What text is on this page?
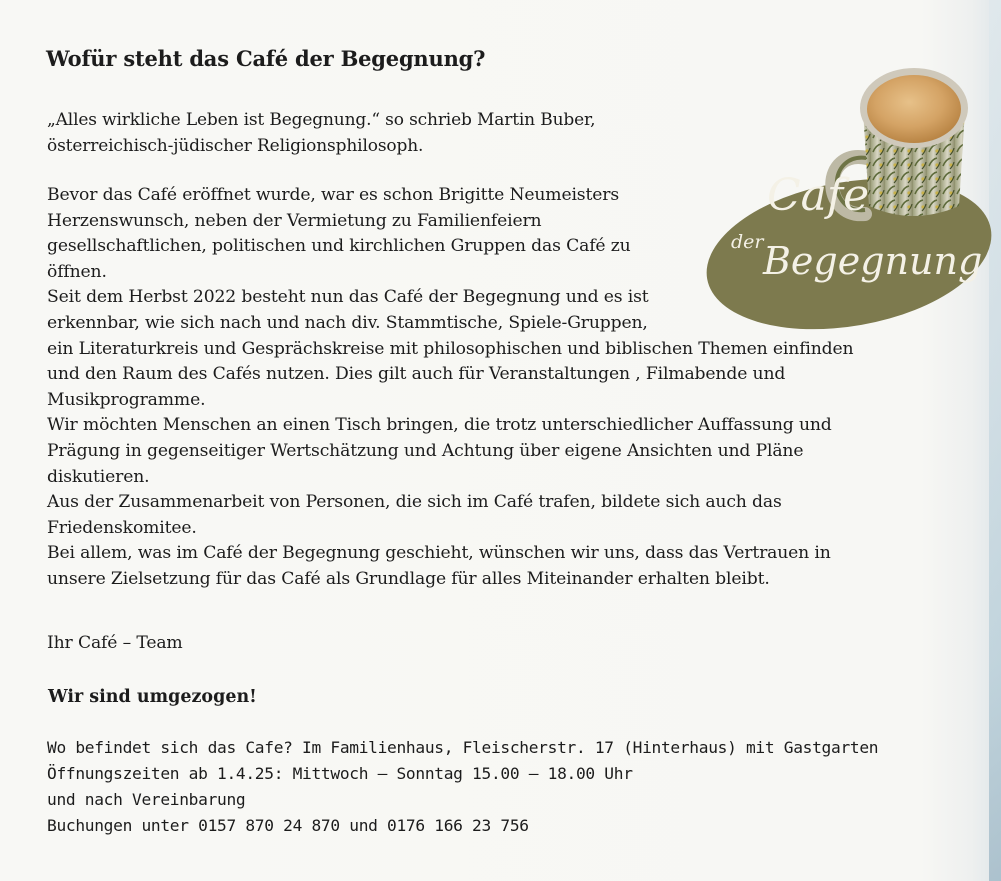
Wofür steht das Café der Begegnung?

„Alles wirkliche Leben ist Begegnung.“ so schrieb Martin Buber,
österreichisch-jüdischer Religionsphilosoph.

Bevor das Café eröffnet wurde, war es schon Brigitte Neumeisters
Herzenswunsch, neben der Vermietung zu Familienfeiern
gesellschaftlichen, politischen und kirchlichen Gruppen das Café zu
öffnen.
Seit dem Herbst 2022 besteht nun das Café der Begegnung und es ist
erkennbar, wie sich nach und nach div. Stammtische, Spiele-Gruppen,
ein Literaturkreis und Gesprächskreise mit philosophischen und biblischen Themen einfinden
und den Raum des Cafés nutzen. Dies gilt auch für Veranstaltungen , Filmabende und
Musikprogramme.
Wir möchten Menschen an einen Tisch bringen, die trotz unterschiedlicher Auffassung und
Prägung in gegenseitiger Wertschätzung und Achtung über eigene Ansichten und Pläne
diskutieren.
Aus der Zusammenarbeit von Personen, die sich im Café trafen, bildete sich auch das
Friedenskomitee.
Bei allem, was im Café der Begegnung geschieht, wünschen wir uns, dass das Vertrauen in
unsere Zielsetzung für das Café als Grundlage für alles Miteinander erhalten bleibt.

Ihr Café – Team

Wir sind umgezogen!

Wo befindet sich das Cafe? Im Familienhaus, Fleischerstr. 17 (Hinterhaus) mit Gastgarten
Öffnungszeiten ab 1.4.25: Mittwoch – Sonntag 15.00 – 18.00 Uhr
und nach Vereinbarung
Buchungen unter 0157 870 24 870 und 0176 166 23 756

Cafe
der Begegnung
